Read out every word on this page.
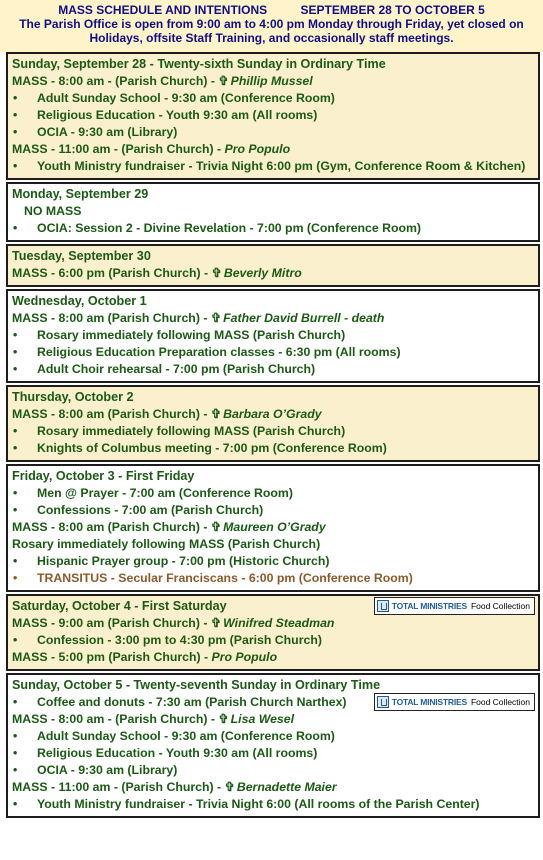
MASS SCHEDULE AND INTENTIONS	SEPTEMBER 28 TO OCTOBER 5
The Parish Office is open from 9:00 am to 4:00 pm Monday through Friday, yet closed on Holidays, offsite Staff Training, and occasionally staff meetings.
Sunday, September 28 - Twenty-sixth Sunday in Ordinary Time
MASS - 8:00 am - (Parish Church) - ✞ Phillip Mussel
• Adult Sunday School - 9:30 am (Conference Room)
• Religious Education - Youth 9:30 am (All rooms)
• OCIA - 9:30 am (Library)
MASS - 11:00 am - (Parish Church) - Pro Populo
• Youth Ministry fundraiser - Trivia Night 6:00 pm (Gym, Conference Room & Kitchen)
Monday, September 29
NO MASS
• OCIA: Session 2 - Divine Revelation - 7:00 pm (Conference Room)
Tuesday, September 30
MASS - 6:00 pm (Parish Church) - ✞ Beverly Mitro
Wednesday, October 1
MASS - 8:00 am (Parish Church) - ✞ Father David Burrell - death
• Rosary immediately following MASS (Parish Church)
• Religious Education Preparation classes - 6:30 pm (All rooms)
• Adult Choir rehearsal - 7:00 pm (Parish Church)
Thursday, October 2
MASS - 8:00 am (Parish Church) - ✞ Barbara O’Grady
• Rosary immediately following MASS (Parish Church)
• Knights of Columbus meeting - 7:00 pm (Conference Room)
Friday, October 3 - First Friday
• Men @ Prayer - 7:00 am (Conference Room)
• Confessions - 7:00 am (Parish Church)
MASS - 8:00 am (Parish Church) - ✞ Maureen O’Grady
Rosary immediately following MASS (Parish Church)
• Hispanic Prayer group - 7:00 pm (Historic Church)
• TRANSITUS - Secular Franciscans - 6:00 pm (Conference Room)
Saturday, October 4 - First Saturday
MASS - 9:00 am (Parish Church) - ✞ Winifred Steadman
• Confession - 3:00 pm to 4:30 pm (Parish Church)
MASS - 5:00 pm (Parish Church) - Pro Populo
TOTAL MINISTRIES Food Collection
Sunday, October 5 - Twenty-seventh Sunday in Ordinary Time
• Coffee and donuts - 7:30 am (Parish Church Narthex)
MASS - 8:00 am - (Parish Church) - ✞ Lisa Wesel
• Adult Sunday School - 9:30 am (Conference Room)
• Religious Education - Youth 9:30 am (All rooms)
• OCIA - 9:30 am (Library)
MASS - 11:00 am - (Parish Church) - ✞ Bernadette Maier
• Youth Ministry fundraiser - Trivia Night 6:00 (All rooms of the Parish Center)
TOTAL MINISTRIES Food Collection
